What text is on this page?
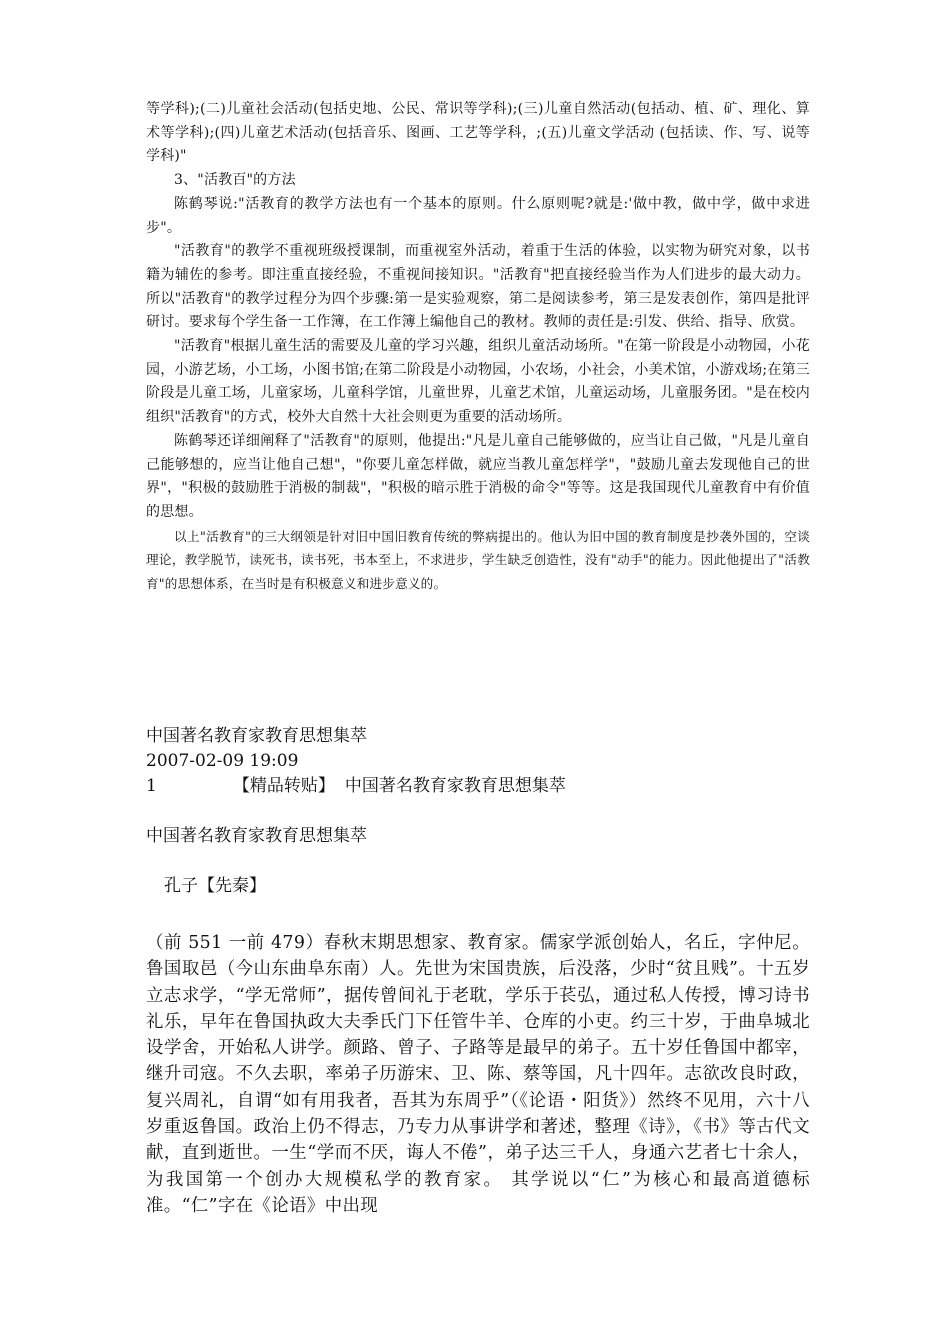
等学科);(二)儿童社会活动(包括史地、公民、常识等学科);(三)儿童自然活动(包括动、植、矿、理化、算术等学科);(四)儿童艺术活动(包括音乐、图画、工艺等学科，;(五)儿童文学活动 (包括读、作、写、说等学科)"

3、"活教百"的方法

陈鹤琴说:"活教育的教学方法也有一个基本的原则。什么原则呢?就是:'做中教，做中学，做中求进步"。

"活教育"的教学不重视班级授课制，而重视室外活动，着重于生活的体验，以实物为研究对象，以书籍为辅佐的参考。即注重直接经验，不重视间接知识。"活教育"把直接经验当作为人们进步的最大动力。所以"活教育"的教学过程分为四个步骤:第一是实验观察，第二是阅读参考，第三是发表创作，第四是批评研讨。要求每个学生备一工作簿，在工作簿上编他自己的教材。教师的责任是:引发、供给、指导、欣赏。

"活教育"根据儿童生活的需要及儿童的学习兴趣，组织儿童活动场所。"在第一阶段是小动物园，小花园，小游艺场，小工场，小图书馆;在第二阶段是小动物园，小农场，小社会，小美术馆，小游戏场;在第三阶段是儿童工场，儿童家场，儿童科学馆，儿童世界，儿童艺术馆，儿童运动场，儿童服务团。"是在校内组织"活教育"的方式，校外大自然十大社会则更为重要的活动场所。

陈鹤琴还详细阐释了"活教育"的原则，他提出:"凡是儿童自己能够做的，应当让自己做，"凡是儿童自己能够想的，应当让他自己想"，"你要儿童怎样做，就应当教儿童怎样学"，"鼓励儿童去发现他自己的世界"，"积极的鼓励胜于消极的制裁"，"积极的暗示胜于消极的命令"等等。这是我国现代儿童教育中有价值的思想。

以上"活教育"的三大纲领是针对旧中国旧教育传统的弊病提出的。他认为旧中国的教育制度是抄袭外国的，空谈理论，教学脱节，读死书，读书死，书本至上，不求进步，学生缺乏创造性，没有"动手"的能力。因此他提出了"活教育"的思想体系，在当时是有积极意义和进步意义的。

中国著名教育家教育思想集萃
2007-02-09 19:09
1	【精品转贴】 中国著名教育家教育思想集萃
中国著名教育家教育思想集萃
孔子【先秦】

（前 551 一前 479）春秋末期思想家、教育家。儒家学派创始人，名丘，字仲尼。鲁国取邑（今山东曲阜东南）人。先世为宋国贵族，后没落，少时“贫且贱”。十五岁立志求学，“学无常师”，据传曾间礼于老耽，学乐于苌弘，通过私人传授，博习诗书礼乐，早年在鲁国执政大夫季氏门下任管牛羊、仓库的小吏。约三十岁，于曲阜城北设学舍，开始私人讲学。颜路、曾子、子路等是最早的弟子。五十岁任鲁国中都宰，继升司寇。不久去职，率弟子历游宋、卫、陈、蔡等国，凡十四年。志欲改良时政，复兴周礼，自谓“如有用我者，吾其为东周乎”（《论语・阳货》）然终不见用，六十八岁重返鲁国。政治上仍不得志，乃专力从事讲学和著述，整理《诗》，《书》等古代文献，直到逝世。一生“学而不厌，诲人不倦”，弟子达三千人，身通六艺者七十余人，为我国第一个创办大规模私学的教育家。 其学说以“仁”为核心和最高道德标准。“仁”字在《论语》中出现
